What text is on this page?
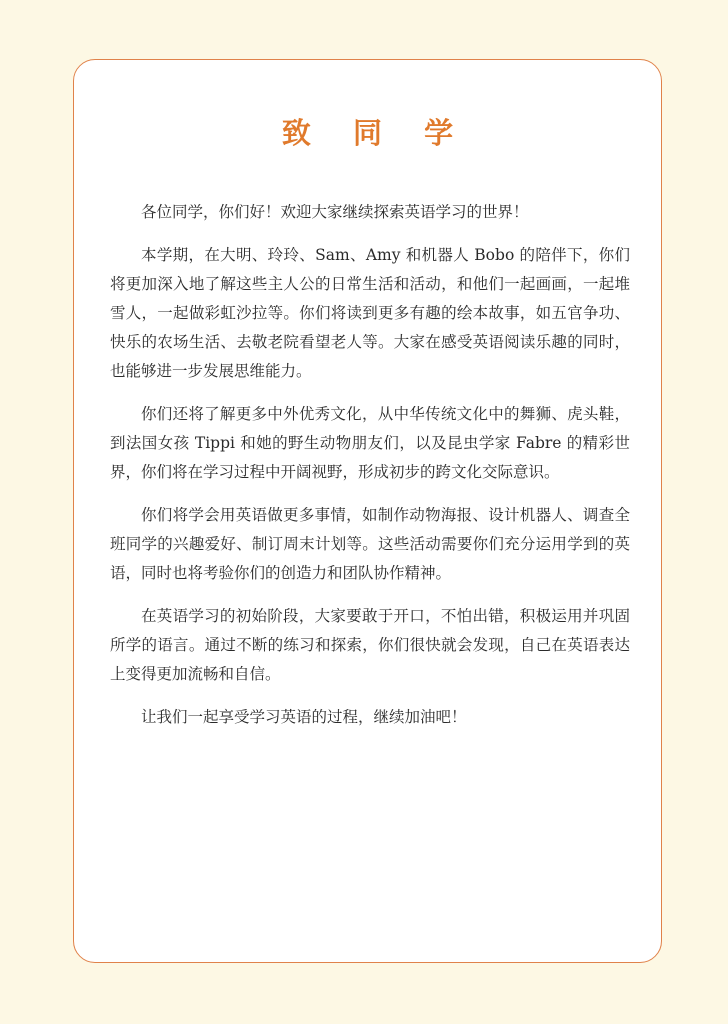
致 同 学

各位同学，你们好！欢迎大家继续探索英语学习的世界！

本学期，在大明、玲玲、Sam、Amy 和机器人 Bobo 的陪伴下，你们将更加深入地了解这些主人公的日常生活和活动，和他们一起画画，一起堆雪人，一起做彩虹沙拉等。你们将读到更多有趣的绘本故事，如五官争功、快乐的农场生活、去敬老院看望老人等。大家在感受英语阅读乐趣的同时，也能够进一步发展思维能力。

你们还将了解更多中外优秀文化，从中华传统文化中的舞狮、虎头鞋，到法国女孩 Tippi 和她的野生动物朋友们，以及昆虫学家 Fabre 的精彩世界，你们将在学习过程中开阔视野，形成初步的跨文化交际意识。

你们将学会用英语做更多事情，如制作动物海报、设计机器人、调查全班同学的兴趣爱好、制订周末计划等。这些活动需要你们充分运用学到的英语，同时也将考验你们的创造力和团队协作精神。

在英语学习的初始阶段，大家要敢于开口，不怕出错，积极运用并巩固所学的语言。通过不断的练习和探索，你们很快就会发现，自己在英语表达上变得更加流畅和自信。

让我们一起享受学习英语的过程，继续加油吧！
